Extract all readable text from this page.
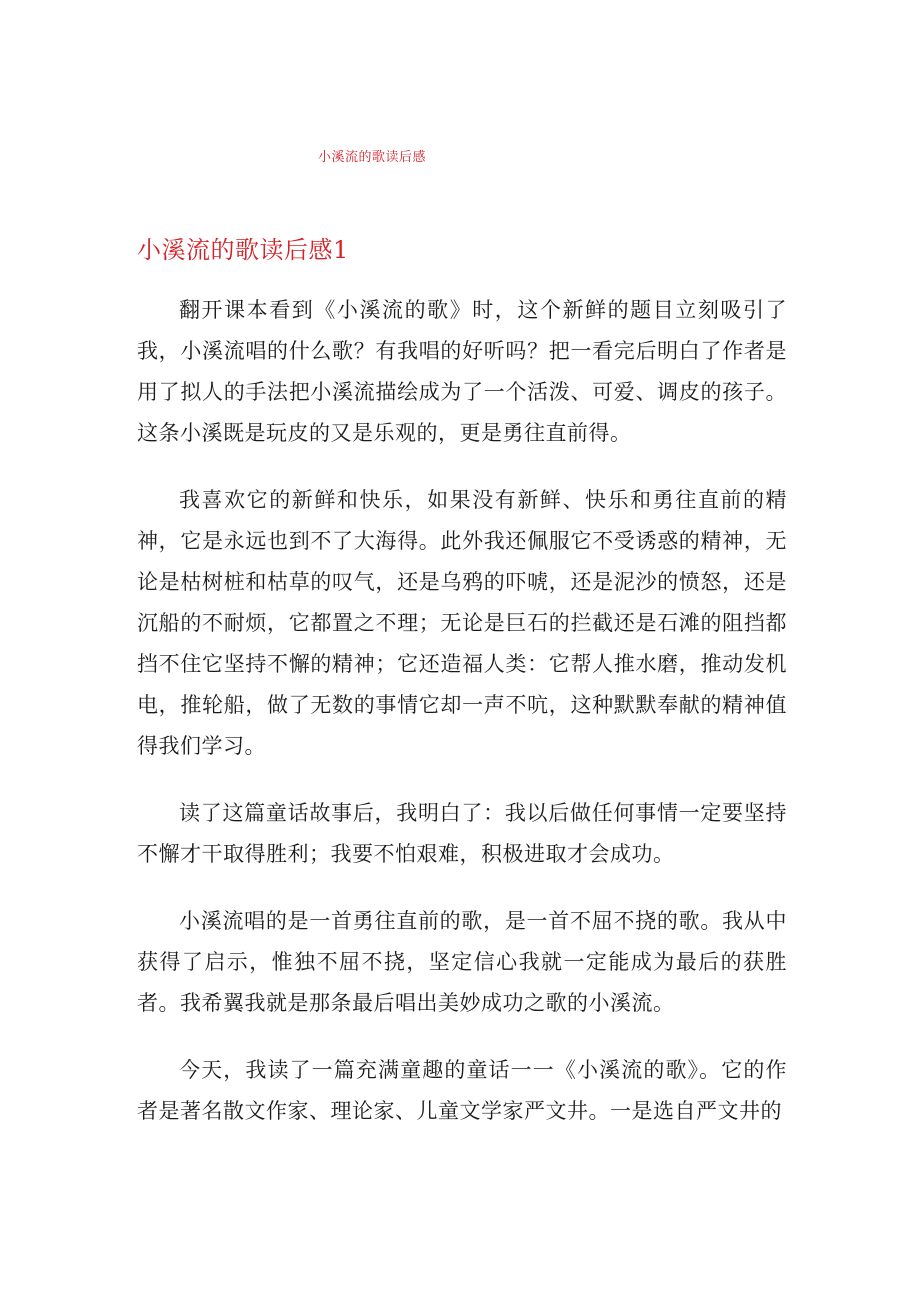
小溪流的歌读后感
小溪流的歌读后感1

翻开课本看到《小溪流的歌》时，这个新鲜的题目立刻吸引了我，小溪流唱的什么歌？有我唱的好听吗？把一看完后明白了作者是用了拟人的手法把小溪流描绘成为了一个活泼、可爱、调皮的孩子。这条小溪既是玩皮的又是乐观的，更是勇往直前得。

我喜欢它的新鲜和快乐，如果没有新鲜、快乐和勇往直前的精神，它是永远也到不了大海得。此外我还佩服它不受诱惑的精神，无论是枯树桩和枯草的叹气，还是乌鸦的吓唬，还是泥沙的愤怒，还是沉船的不耐烦，它都置之不理；无论是巨石的拦截还是石滩的阻挡都挡不住它坚持不懈的精神；它还造福人类：它帮人推水磨，推动发机电，推轮船，做了无数的事情它却一声不吭，这种默默奉献的精神值得我们学习。

读了这篇童话故事后，我明白了：我以后做任何事情一定要坚持不懈才干取得胜利；我要不怕艰难，积极进取才会成功。

小溪流唱的是一首勇往直前的歌，是一首不屈不挠的歌。我从中获得了启示，惟独不屈不挠，坚定信心我就一定能成为最后的获胜者。我希翼我就是那条最后唱出美妙成功之歌的小溪流。

今天，我读了一篇充满童趣的童话一一《小溪流的歌》。它的作者是著名散文作家、理论家、儿童文学家严文井。一是选自严文井的
